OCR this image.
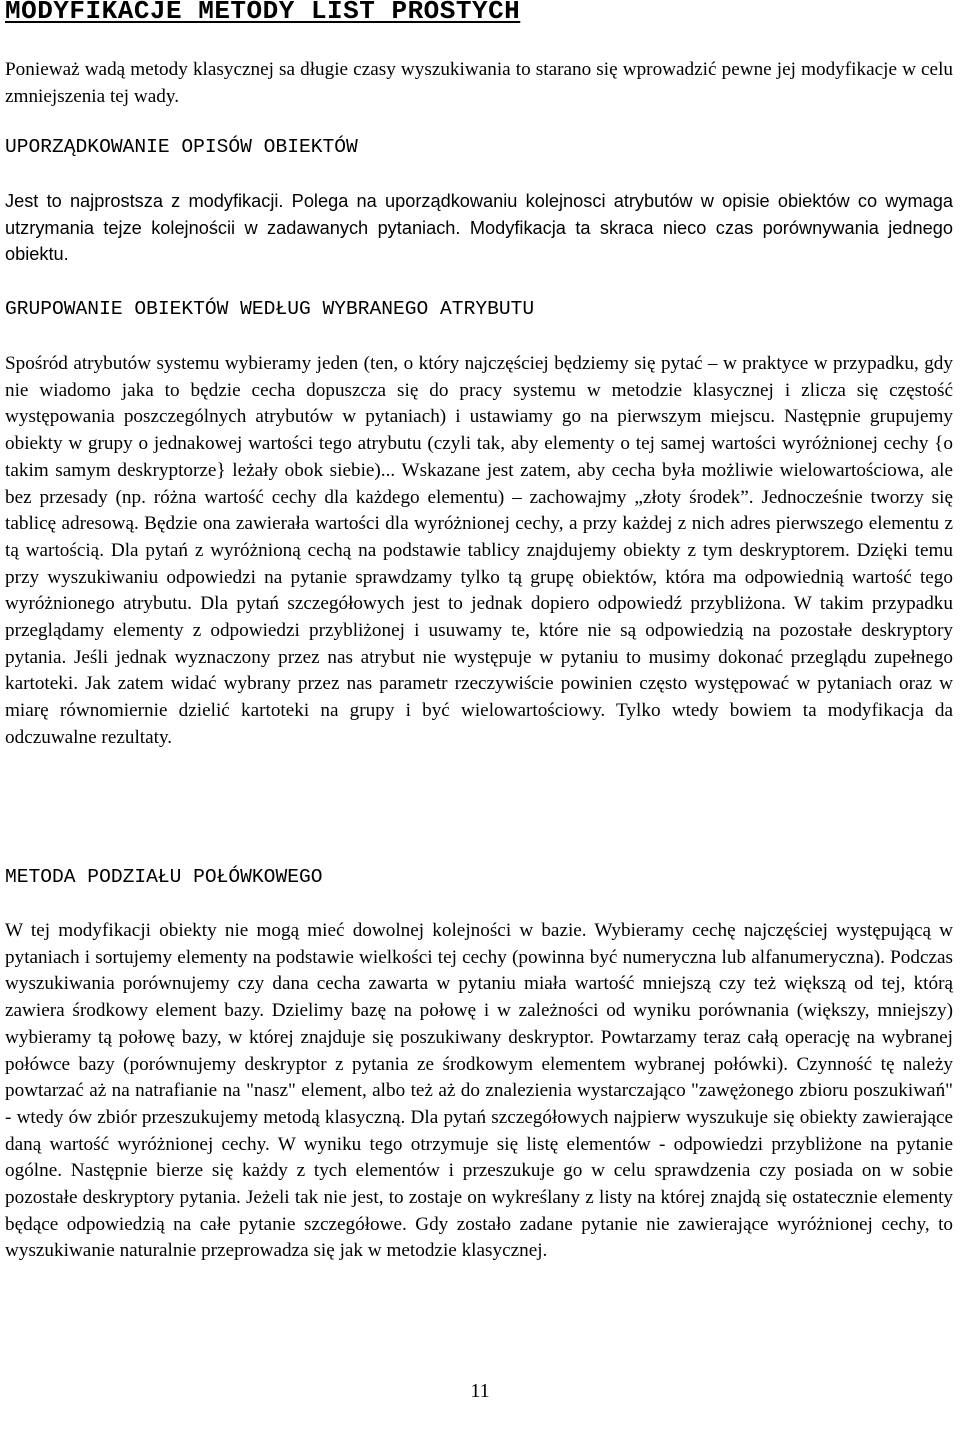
MODYFIKACJE METODY LIST PROSTYCH

Ponieważ wadą metody klasycznej sa długie czasy wyszukiwania to starano się wprowadzić pewne jej modyfikacje w celu zmniejszenia tej wady.

UPORZĄDKOWANIE OPISÓW OBIEKTÓW

Jest to najprostsza z modyfikacji. Polega na uporządkowaniu kolejnosci atrybutów w opisie obiektów co wymaga utzrymania tejze kolejnościi w zadawanych pytaniach. Modyfikacja ta skraca nieco czas porównywania jednego obiektu.

GRUPOWANIE OBIEKTÓW WEDŁUG WYBRANEGO ATRYBUTU

Spośród atrybutów systemu wybieramy jeden (ten, o który najczęściej będziemy się pytać – w praktyce w przypadku, gdy nie wiadomo jaka to będzie cecha dopuszcza się do pracy systemu w metodzie klasycznej i zlicza się częstość występowania poszczególnych atrybutów w pytaniach) i ustawiamy go na pierwszym miejscu. Następnie grupujemy obiekty w grupy o jednakowej wartości tego atrybutu (czyli tak, aby elementy o tej samej wartości wyróżnionej cechy {o takim samym deskryptorze} leżały obok siebie)... Wskazane jest zatem, aby cecha była możliwie wielowartościowa, ale bez przesady (np. różna wartość cechy dla każdego elementu) – zachowajmy „złoty środek”. Jednocześnie tworzy się tablicę adresową. Będzie ona zawierała wartości dla wyróżnionej cechy, a przy każdej z nich adres pierwszego elementu z tą wartością. Dla pytań z wyróżnioną cechą na podstawie tablicy znajdujemy obiekty z tym deskryptorem. Dzięki temu przy wyszukiwaniu odpowiedzi na pytanie sprawdzamy tylko tą grupę obiektów, która ma odpowiednią wartość tego wyróżnionego atrybutu. Dla pytań szczegółowych jest to jednak dopiero odpowiedź przybliżona. W takim przypadku przeglądamy elementy z odpowiedzi przybliżonej i usuwamy te, które nie są odpowiedzią na pozostałe deskryptory pytania. Jeśli jednak wyznaczony przez nas atrybut nie występuje w pytaniu to musimy dokonać przeglądu zupełnego kartoteki. Jak zatem widać wybrany przez nas parametr rzeczywiście powinien często występować w pytaniach oraz w miarę równomiernie dzielić kartoteki na grupy i być wielowartościowy. Tylko wtedy bowiem ta modyfikacja da odczuwalne rezultaty.

METODA PODZIAŁU POŁÓWKOWEGO

W tej modyfikacji obiekty nie mogą mieć dowolnej kolejności w bazie. Wybieramy cechę najczęściej występującą w pytaniach i sortujemy elementy na podstawie wielkości tej cechy (powinna być numeryczna lub alfanumeryczna). Podczas wyszukiwania porównujemy czy dana cecha zawarta w pytaniu miała wartość mniejszą czy też większą od tej, którą zawiera środkowy element bazy. Dzielimy bazę na połowę i w zależności od wyniku porównania (większy, mniejszy) wybieramy tą połowę bazy, w której znajduje się poszukiwany deskryptor. Powtarzamy teraz całą operację na wybranej połówce bazy (porównujemy deskryptor z pytania ze środkowym elementem wybranej połówki). Czynność tę należy powtarzać aż na natrafianie na "nasz" element, albo też aż do znalezienia wystarczająco "zawężonego zbioru poszukiwań" - wtedy ów zbiór przeszukujemy metodą klasyczną. Dla pytań szczegółowych najpierw wyszukuje się obiekty zawierające daną wartość wyróżnionej cechy. W wyniku tego otrzymuje się listę elementów - odpowiedzi przybliżone na pytanie ogólne. Następnie bierze się każdy z tych elementów i przeszukuje go w celu sprawdzenia czy posiada on w sobie pozostałe deskryptory pytania. Jeżeli tak nie jest, to zostaje on wykreślany z listy na której znajdą się ostatecznie elementy będące odpowiedzią na całe pytanie szczegółowe. Gdy zostało zadane pytanie nie zawierające wyróżnionej cechy, to wyszukiwanie naturalnie przeprowadza się jak w metodzie klasycznej.

11
